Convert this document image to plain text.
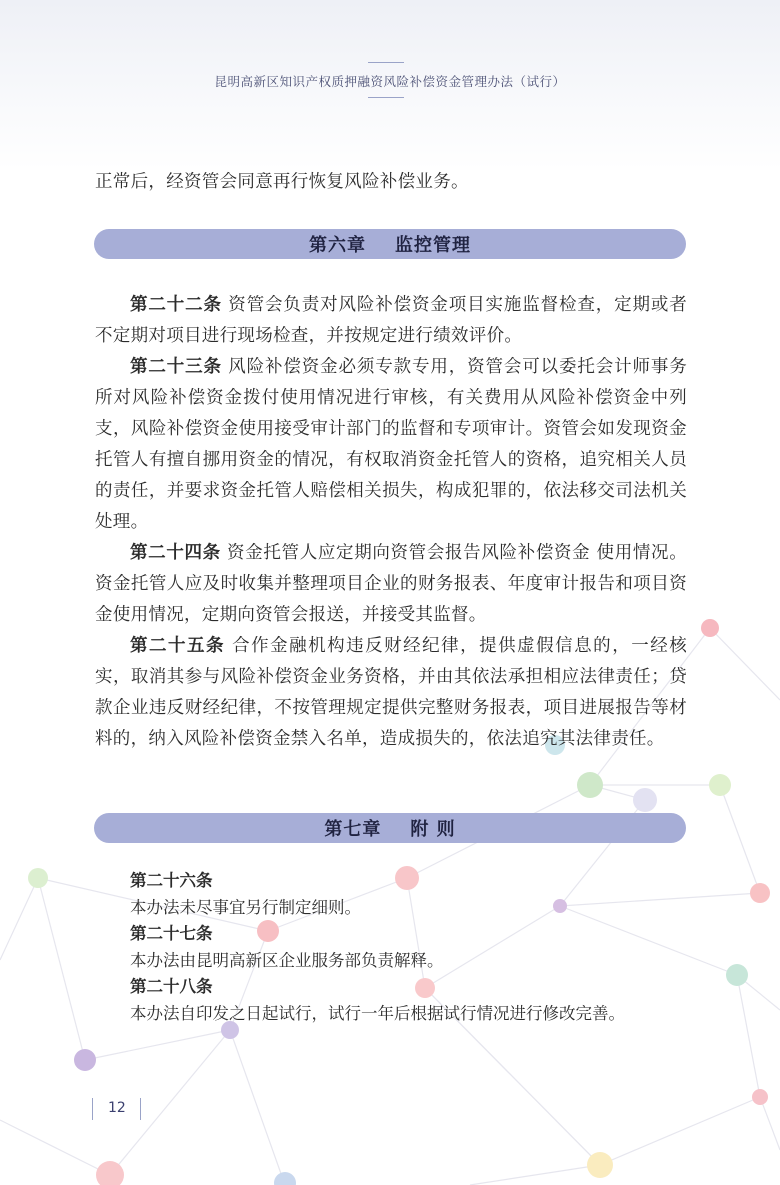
昆明高新区知识产权质押融资风险补偿资金管理办法（试行）

正常后，经资管会同意再行恢复风险补偿业务。

第六章    监控管理

第二十二条 资管会负责对风险补偿资金项目实施监督检查，定期或者不定期对项目进行现场检查，并按规定进行绩效评价。

第二十三条 风险补偿资金必须专款专用，资管会可以委托会计师事务所对风险补偿资金拨付使用情况进行审核，有关费用从风险补偿资金中列支，风险补偿资金使用接受审计部门的监督和专项审计。资管会如发现资金托管人有擅自挪用资金的情况，有权取消资金托管人的资格，追究相关人员的责任，并要求资金托管人赔偿相关损失，构成犯罪的，依法移交司法机关处理。

第二十四条 资金托管人应定期向资管会报告风险补偿资金 使用情况。资金托管人应及时收集并整理项目企业的财务报表、年度审计报告和项目资金使用情况，定期向资管会报送，并接受其监督。

第二十五条 合作金融机构违反财经纪律，提供虚假信息的，一经核实，取消其参与风险补偿资金业务资格，并由其依法承担相应法律责任；贷款企业违反财经纪律，不按管理规定提供完整财务报表，项目进展报告等材料的，纳入风险补偿资金禁入名单，造成损失的，依法追究其法律责任。

第七章    附 则
第二十六条
本办法未尽事宜另行制定细则。
第二十七条
本办法由昆明高新区企业服务部负责解释。
第二十八条
本办法自印发之日起试行，试行一年后根据试行情况进行修改完善。
12
